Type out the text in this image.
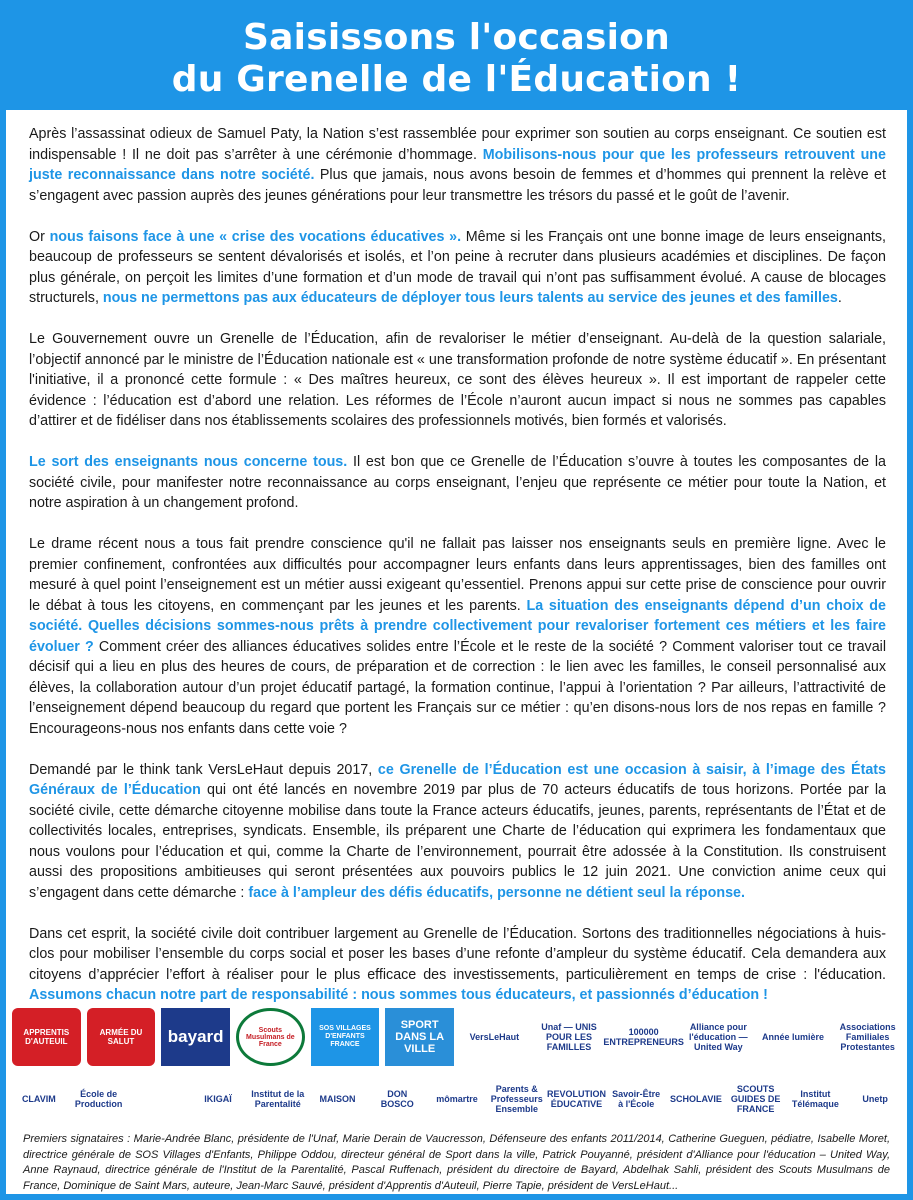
Saisissons l'occasion
du Grenelle de l'Éducation !

Après l’assassinat odieux de Samuel Paty, la Nation s’est rassemblée pour exprimer son soutien au corps enseignant. Ce soutien est indispensable ! Il ne doit pas s’arrêter à une cérémonie d’hommage. Mobilisons-nous pour que les professeurs retrouvent une juste reconnaissance dans notre société. Plus que jamais, nous avons besoin de femmes et d’hommes qui prennent la relève et s’engagent avec passion auprès des jeunes générations pour leur transmettre les trésors du passé et le goût de l’avenir.

Or nous faisons face à une « crise des vocations éducatives ». Même si les Français ont une bonne image de leurs enseignants, beaucoup de professeurs se sentent dévalorisés et isolés, et l’on peine à recruter dans plusieurs académies et disciplines. De façon plus générale, on perçoit les limites d’une formation et d’un mode de travail qui n’ont pas suffisamment évolué. A cause de blocages structurels, nous ne permettons pas aux éducateurs de déployer tous leurs talents au service des jeunes et des familles.

Le Gouvernement ouvre un Grenelle de l’Éducation, afin de revaloriser le métier d’enseignant. Au-delà de la question salariale, l’objectif annoncé par le ministre de l’Éducation nationale est « une transformation profonde de notre système éducatif ». En présentant l'initiative, il a prononcé cette formule : « Des maîtres heureux, ce sont des élèves heureux ». Il est important de rappeler cette évidence : l’éducation est d’abord une relation. Les réformes de l’École n’auront aucun impact si nous ne sommes pas capables d’attirer et de fidéliser dans nos établissements scolaires des professionnels motivés, bien formés et valorisés.

Le sort des enseignants nous concerne tous. Il est bon que ce Grenelle de l’Éducation s’ouvre à toutes les composantes de la société civile, pour manifester notre reconnaissance au corps enseignant, l’enjeu que représente ce métier pour toute la Nation, et notre aspiration à un changement profond.

Le drame récent nous a tous fait prendre conscience qu'il ne fallait pas laisser nos enseignants seuls en première ligne. Avec le premier confinement, confrontées aux difficultés pour accompagner leurs enfants dans leurs apprentissages, bien des familles ont mesuré à quel point l’enseignement est un métier aussi exigeant qu’essentiel. Prenons appui sur cette prise de conscience pour ouvrir le débat à tous les citoyens, en commençant par les jeunes et les parents. La situation des enseignants dépend d’un choix de société. Quelles décisions sommes-nous prêts à prendre collectivement pour revaloriser fortement ces métiers et les faire évoluer ? Comment créer des alliances éducatives solides entre l’École et le reste de la société ? Comment valoriser tout ce travail décisif qui a lieu en plus des heures de cours, de préparation et de correction : le lien avec les familles, le conseil personnalisé aux élèves, la collaboration autour d’un projet éducatif partagé, la formation continue, l’appui à l’orientation ? Par ailleurs, l’attractivité de l’enseignement dépend beaucoup du regard que portent les Français sur ce métier : qu’en disons-nous lors de nos repas en famille ? Encourageons-nous nos enfants dans cette voie ?

Demandé par le think tank VersLeHaut depuis 2017, ce Grenelle de l’Éducation est une occasion à saisir, à l’image des États Généraux de l’Éducation qui ont été lancés en novembre 2019 par plus de 70 acteurs éducatifs de tous horizons. Portée par la société civile, cette démarche citoyenne mobilise dans toute la France acteurs éducatifs, jeunes, parents, représentants de l’État et de collectivités locales, entreprises, syndicats. Ensemble, ils préparent une Charte de l’éducation qui exprimera les fondamentaux que nous voulons pour l’éducation et qui, comme la Charte de l’environnement, pourrait être adossée à la Constitution. Ils construisent aussi des propositions ambitieuses qui seront présentées aux pouvoirs publics le 12 juin 2021. Une conviction anime ceux qui s’engagent dans cette démarche : face à l’ampleur des défis éducatifs, personne ne détient seul la réponse.

Dans cet esprit, la société civile doit contribuer largement au Grenelle de l’Éducation. Sortons des traditionnelles négociations à huis-clos pour mobiliser l’ensemble du corps social et poser les bases d’une refonte d’ampleur du système éducatif. Cela demandera aux citoyens d’apprécier l’effort à réaliser pour le plus efficace des investissements, particulièrement en temps de crise : l'éducation. Assumons chacun notre part de responsabilité : nous sommes tous éducateurs, et passionnés d’éducation !

APPRENTIS D'AUTEUIL
ARMÉE DU SALUT	bayard	Scouts Musulmans de France
SOS VILLAGES D'ENFANTS FRANCE
SPORT DANS LA VILLE
VersLeHaut
Unaf — UNIS POUR LES FAMILLES
100000 ENTREPRENEURS
Alliance pour l'éducation — United Way
Année lumière
Associations Familiales Protestantes
CLAVIM	École de Production	IKIGAÏ Institut de la Parentalité	MAISON	DON BOSCO	mômartre
Parents & Professeurs Ensemble
REVOLUTION ÉDUCATIVE
Savoir-Être à l'École	SCHOLAVIE
SCOUTS GUIDES DE FRANCE
Institut Télémaque	Unetp
Premiers signataires : Marie-Andrée Blanc, présidente de l'Unaf, Marie Derain de Vaucresson, Défenseure des enfants 2011/2014, Catherine Gueguen, pédiatre, Isabelle Moret, directrice générale de SOS Villages d'Enfants, Philippe Oddou, directeur général de Sport dans la ville, Patrick Pouyanné, président d'Alliance pour l'éducation – United Way, Anne Raynaud, directrice générale de l'Institut de la Parentalité, Pascal Ruffenach, président du directoire de Bayard, Abdelhak Sahli, président des Scouts Musulmans de France, Dominique de Saint Mars, auteure, Jean-Marc Sauvé, président d'Apprentis d'Auteuil, Pierre Tapie, président de VersLeHaut...
